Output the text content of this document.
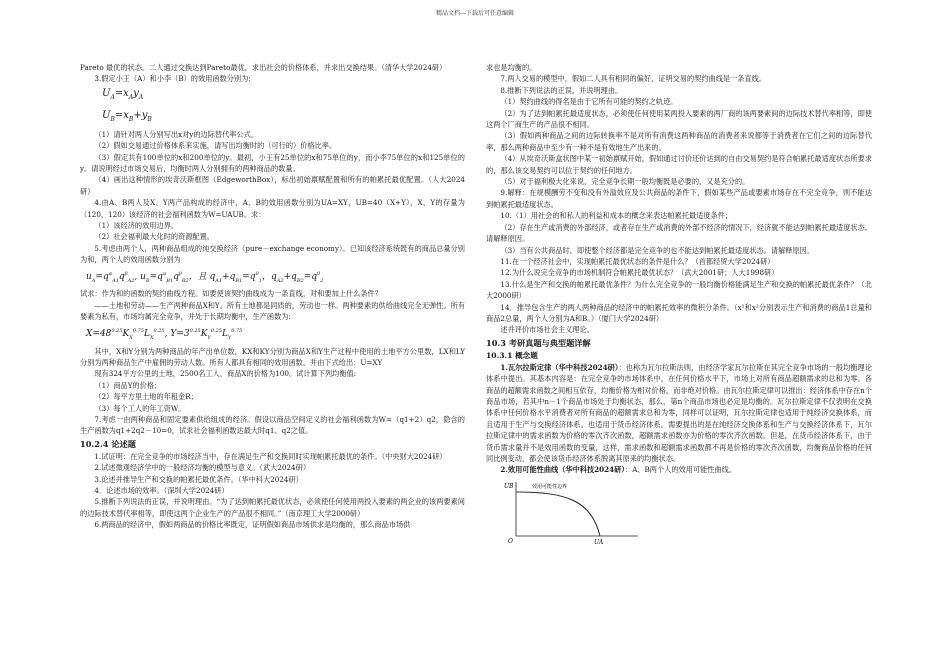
精品文档---下载后可任意编辑

Pareto 最优的状态。二人通过交换达到Pareto最优，求出社会的价格体系，并求出交换结果。（清华大学2024研）

3.假定小王（A）和小李（B）的效用函数分别为:

$U_A=x_Ay_A$
$U_B=x_B+y_B$

（1）请针对两人分别写出x对y的边际替代率公式。

（2）假如交易通过价格体系来实施，请写出均衡时的（可行的）价格比率。

（3）假定共有100单位的x和200单位的y。最初，小王有25单位的x和75单位的y，而小李75单位的x和125单位的y。请说明经过市场交易后，均衡时两人分别拥有的两种商品的数量。

（4）画出这种情形的埃奇沃斯框图（EdgeworthBox），标出初始禀赋配置和所有的帕累托最优配置。（人大2024研）

4.由A、B两人及X、Y两产品构成的经济中，A、B的效用函数分别为UA=XY，UB=40（X+Y），X、Y的存量为（120，120）该经济的社会福利函数为W=UAUB。求：

（1）该经济的效用边界。

（2）社会福利最大化时的资源配置。

5.考虑由两个人，两种商品组成的纯交换经济（pure－exchange economy）。已知该经济系统既有的商品总量分别为和，两个人的效用函数分别为

$u_A=q^\alpha_{A1}q^\beta_{A2}$, $u_B=q^\alpha_{B1}q^\beta_{B2}$，且 $q_{A1}+q_{B1}=q^0_1$，$q_{A2}+q_{B2}=q^0_2$

试求：作为和的函数的契约曲线方程。如要使该契约曲线成为一条直线，对和要加上什么条件？

——土地和劳动——生产两种商品X和Y。所有土地都是同质的，劳动也一样。两种要素的供给曲线完全无弹性。所有要素为私有，市场均属完全竞争，并处于长期均衡中，生产函数为:

$X=48^{0.25}K_X^{0.75}L_X^{0.25}$, $Y=3^{0.25}K_Y^{0.25}L_Y^{0.75}$

其中，X和Y分别为两种商品的年产出单位数，KX和KY分别为商品X和Y生产过程中使用的土地平方公里数，LX和LY分别为两种商品生产中雇佣的劳动人数。所有人都具有相同的效用函数，并由下式给出：U=XY

现有324平方公里的土地，2500名工人，商品X的价格为100。试计算下列均衡值:

（1）商品Y的价格；

（2）每平方里土地的年租金R；

（3）每个工人的年工资W。

7.考虑一由两种商品和固定要素供给组成的经济。假设以商品空间定义的社会福利函数为W=（q1+2）q2，隐含的生产函数为q1+2q2－10=0，试求社会福利函数达最大时q1、q2之值。

10.2.4 论述题

1.试证明：在完全竞争的市场经济当中，存在满足生产和交换同时实现帕累托最优的条件。（中央财大2024研）

2.试述微观经济学中的一般经济均衡的模型与意义。（武大2024研）

3.论述并推导生产和交换的帕累托最优条件。（华中科大2024研）

4．论述市场的效率。（深圳大学2024研）

5.推断下列说法的正误，并说明理由。“为了达到帕累托最优状态，必须使任何使用两投入要素的两企业的该两要素间的边际技术替代率相等，即使这两个企业生产的产品很不相同。”（南京理工大学2000研）

6.两商品的经济中，假如两商品的价格比率既定，证明假如商品市场供求是均衡的，那么商品市场供

求也是均衡的。

7.两人交易的模型中，假如二人具有相同的偏好，证明交易的契约曲线是一条直线。

8.推断下列说法的正误，并说明理由。

（1）契约曲线的得名是由于它所有可能的契约之轨迹。

（2）为了达到帕累托最适度状态，必须使任何使用某两投入要素的两厂商的该两要素间的边际技术替代率相等，即使这两个厂商生产的产品很不相同。

（3）假如两种商品之间的边际转换率不是对所有消费这两种商品的消费者来说都等于消费者在它们之间的边际替代率，那么两种商品中至少有一种不是有效地生产出来的。

（4）从埃奇沃斯盒状图中某一初始禀赋开始，假如通过讨价还价达到的自由交易契约是符合帕累托最适度状态所要求的，那么该交易契约可以位于契约的任何地方。

（5）对于福利极大化来说，完全竞争长期一般均衡既是必要的，又是充分的。

9.解释：在规模酬劳不变和没有外溢效应及公共商品的条件下，假如某些产品或要素市场存在不完全竞争，则不能达到帕累托最适度状态。

10.（1）用社会的和私人的利益和成本的概念来表达帕累托最适度条件；

（2）存在生产或消费的外部经济，或者存在生产或消费的外部不经济的情况下，经济就不能达到帕累托最适度状态。请解释原因。

（3）当有公共商品时，即使整个经济都是完全竞争的也不能达到帕累托最适度状态。请解释原因。

11.在一个经济社会中，实现帕累托最优状态的条件是什么？（首都经贸大学2024研）

12.为什么说完全竞争的市场机制符合帕累托最优状态？（武大2001研；人大1998研）

13.什么是生产和交换的帕累托最优条件？为什么完全竞争的一般均衡价格能满足生产和交换的帕累托最优条件？（北大2000研）

14．推导包含生产的两人两种商品的经济中的帕累托效率的微积分条件。（x¹和x²分别表示生产和消费的商品1总量和商品2总量，两个人分别为A和B。）（厦门大学2024研）

述并评价市场社会主义理论。

10.3 考研真题与典型题详解
10.3.1 概念题

1.瓦尔拉斯定律（华中科技2024研）：也称为瓦尔拉斯法则，由经济学家瓦尔拉斯在其完全竞争市场的一般均衡理论体系中提出。其基本内容是：在完全竞争的市场体系中，在任何价格水平下，市场上对所有商品超额需求的总和为零。各商品的超额需求函数之间相互依存，均衡价格为相对价格，而非绝对价格。由瓦尔拉斯定律可以推出：经济体系中存在n个商品市场，若其中n－1个商品市场处于均衡状态，那么，第n个商品市场也必定是均衡的。瓦尔拉斯定律不仅表明在交换体系中任何价格水平消费者对所有商品的超额需求总和为零，同样可以证明，瓦尔拉斯定律也适用于纯经济交换体系，而且适用于生产与交换经济体系。也适用于货币经济体系。需要提出的是在纯经济交换体系和生产与交换经济体系下，瓦尔拉斯定律中的需求函数为价格的零次齐次函数，超额需求函数亦为价格的零次齐次函数。但是，在货币经济体系下，由于货币需求量并不是效用函数的变量，这样，需求函数和超额需求函数都不再是价格的零次齐次函数，均衡商品价格的任何同比例变动，都会使该货币经济体系脱离其原来的均衡状态。

2.效用可能性曲线（华中科技2024研）：A、B两个人的效用可能性曲线。

UB
O	UA
效用可能性边界
